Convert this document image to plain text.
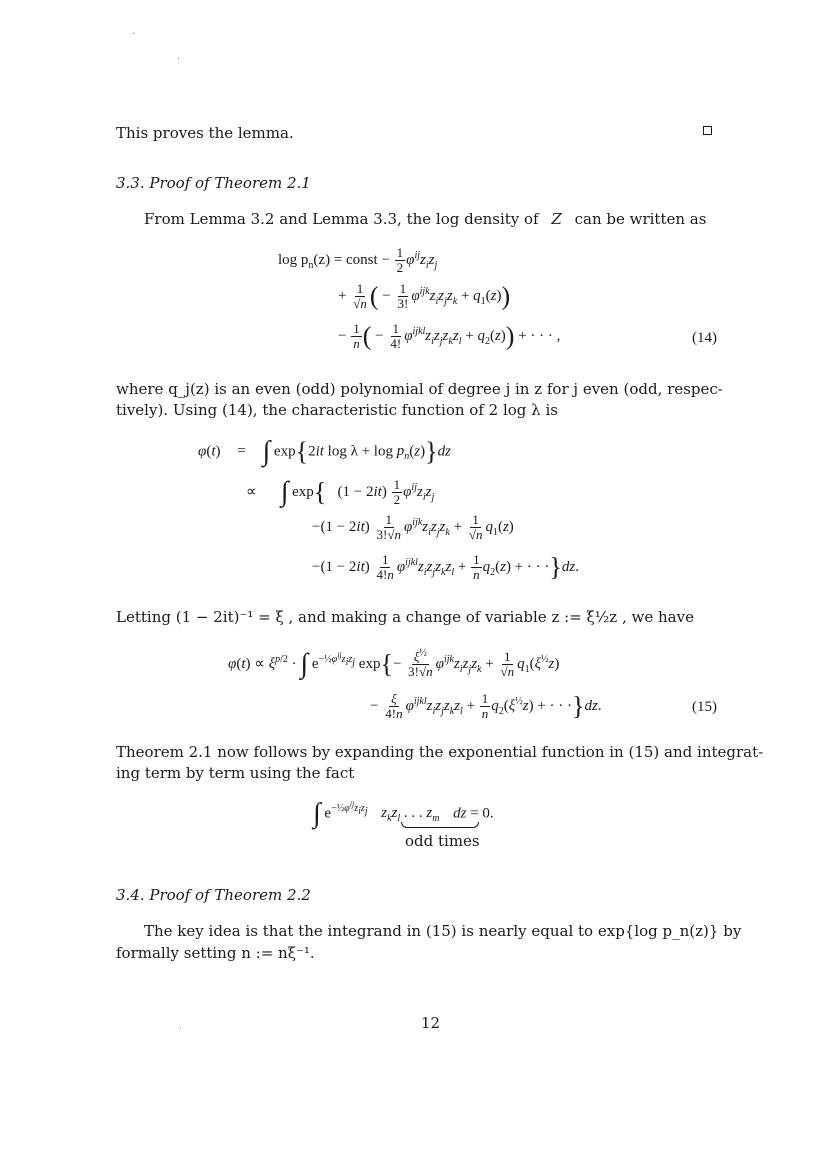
This proves the lemma.
3.3. Proof of Theorem 2.1
From Lemma 3.2 and Lemma 3.3, the log density of Z can be written as
$\log p_n(z)$ = const − $\frac{1}{2} \varphi^{ij}z_iz_j$
+ $\frac{1}{√n}$ ( − $\frac{1}{3!} \varphi^{ijk}z_iz_jz_k + q_1(z)$)
− $\frac{1}{n}$ ( − $\frac{1}{4!} \varphi^{ijkl}z_iz_jz_kz_l + q_2(z)$) + · · · ,	(14)
where q_j(z) is an even (odd) polynomial of degree j in z for j even (odd, respec-
tively). Using (14), the characteristic function of 2 log λ is
φ(t) = ∫ exp{2it $\log \lambda + \log p_n(z)\}dz$
∝ ∫ exp{   $(1 - 2it) \frac{1}{2} \varphi^{ij}z_iz_j$
$-(1 - 2it) \frac{1}{3!√n} \varphi^{ijk}z_iz_jz_k + \frac{1}{√n} q_1(z)$
$-(1 - 2it) \frac{1}{4!n} \varphi^{ijkl}z_iz_jz_kz_l + \frac{1}{n} q_2(z)$ + · · ·}dz.
Letting (1 − 2it)⁻¹ = ξ , and making a change of variable z := ξ½z , we have
$\varphi(t) \propto \xi^{p/2}$ · ∫ $e^{-\frac{1}{2}\varphi^{ij}z_iz_j}$ $\exp\{- \frac{\xi^{\frac{1}{2}}}{3!√n} \varphi^{ijk}z_iz_jz_k + \frac{1}{√n} q_1(\xi^{\frac{1}{2}}z)$
− $\frac{\xi}{4!n} \varphi^{ijkl}z_iz_jz_kz_l + \frac{1}{n} q_2(\xi^{\frac{1}{2}}z)$ + · · ·}dz.	(15)
Theorem 2.1 now follows by expanding the exponential function in (15) and integrat-
ing term by term using the fact
∫ $e^{-\frac{1}{2}\varphi^{ij}z_iz_j}$ $z_kz_l$ . . . $z_m$ dz = 0.
odd times
3.4. Proof of Theorem 2.2
The key idea is that the integrand in (15) is nearly equal to exp{log p_n(z)} by
formally setting n := nξ⁻¹.
12
